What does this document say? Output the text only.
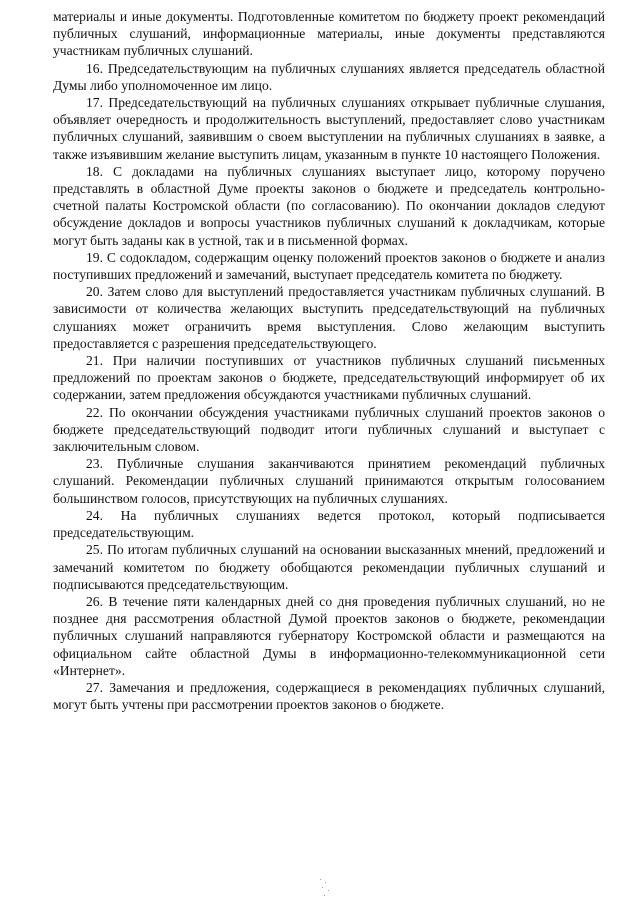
материалы и иные документы. Подготовленные комитетом по бюджету проект рекомендаций публичных слушаний, информационные материалы, иные документы представляются участникам публичных слушаний.

16. Председательствующим на публичных слушаниях является председатель областной Думы либо уполномоченное им лицо.

17. Председательствующий на публичных слушаниях открывает публичные слушания, объявляет очередность и продолжительность выступлений, предоставляет слово участникам публичных слушаний, заявившим о своем выступлении на публичных слушаниях в заявке, а также изъявившим желание выступить лицам, указанным в пункте 10 настоящего Положения.

18. С докладами на публичных слушаниях выступает лицо, которому поручено представлять в областной Думе проекты законов о бюджете и председатель контрольно-счетной палаты Костромской области (по согласованию). По окончании докладов следуют обсуждение докладов и вопросы участников публичных слушаний к докладчикам, которые могут быть заданы как в устной, так и в письменной формах.

19. С содокладом, содержащим оценку положений проектов законов о бюджете и анализ поступивших предложений и замечаний, выступает председатель комитета по бюджету.

20. Затем слово для выступлений предоставляется участникам публичных слушаний. В зависимости от количества желающих выступить председательствующий на публичных слушаниях может ограничить время выступления. Слово желающим выступить предоставляется с разрешения председательствующего.

21. При наличии поступивших от участников публичных слушаний письменных предложений по проектам законов о бюджете, председательствующий информирует об их содержании, затем предложения обсуждаются участниками публичных слушаний.

22. По окончании обсуждения участниками публичных слушаний проектов законов о бюджете председательствующий подводит итоги публичных слушаний и выступает с заключительным словом.

23. Публичные слушания заканчиваются принятием рекомендаций публичных слушаний. Рекомендации публичных слушаний принимаются открытым голосованием большинством голосов, присутствующих на публичных слушаниях.

24. На публичных слушаниях ведется протокол, который подписывается председательствующим.

25. По итогам публичных слушаний на основании высказанных мнений, предложений и замечаний комитетом по бюджету обобщаются рекомендации публичных слушаний и подписываются председательствующим.

26. В течение пяти календарных дней со дня проведения публичных слушаний, но не позднее дня рассмотрения областной Думой проектов законов о бюджете, рекомендации публичных слушаний направляются губернатору Костромской области и размещаются на официальном сайте областной Думы в информационно-телекоммуникационной сети «Интернет».

27. Замечания и предложения, содержащиеся в рекомендациях публичных слушаний, могут быть учтены при рассмотрении проектов законов о бюджете.
